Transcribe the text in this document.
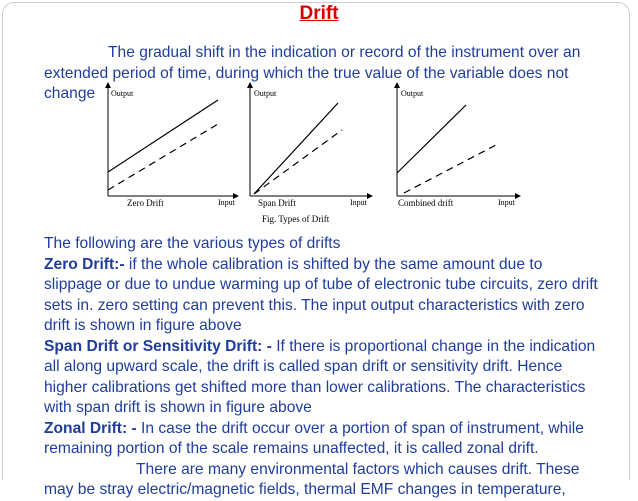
Drift
The gradual shift in the indication or record of the instrument over an extended period of time, during which the true value of the variable does not change	Output
Input
Zero Drift
Output
Input
Span Drift
Fig. Types of Drift
Output
Input
Combined drift
The following are the various types of drifts
Zero Drift:- if the whole calibration is shifted by the same amount due to slippage or due to undue warming up of tube of electronic tube circuits, zero drift sets in. zero setting can prevent this. The input output characteristics with zero drift is shown in figure above
Span Drift or Sensitivity Drift: - If there is proportional change in the indication all along upward scale, the drift is called span drift or sensitivity drift. Hence higher calibrations get shifted more than lower calibrations. The characteristics with span drift is shown in figure above
Zonal Drift: - In case the drift occur over a portion of span of instrument, while remaining portion of the scale remains unaffected, it is called zonal drift.
There are many environmental factors which causes drift. These may be stray electric/magnetic fields, thermal EMF changes in temperature,
